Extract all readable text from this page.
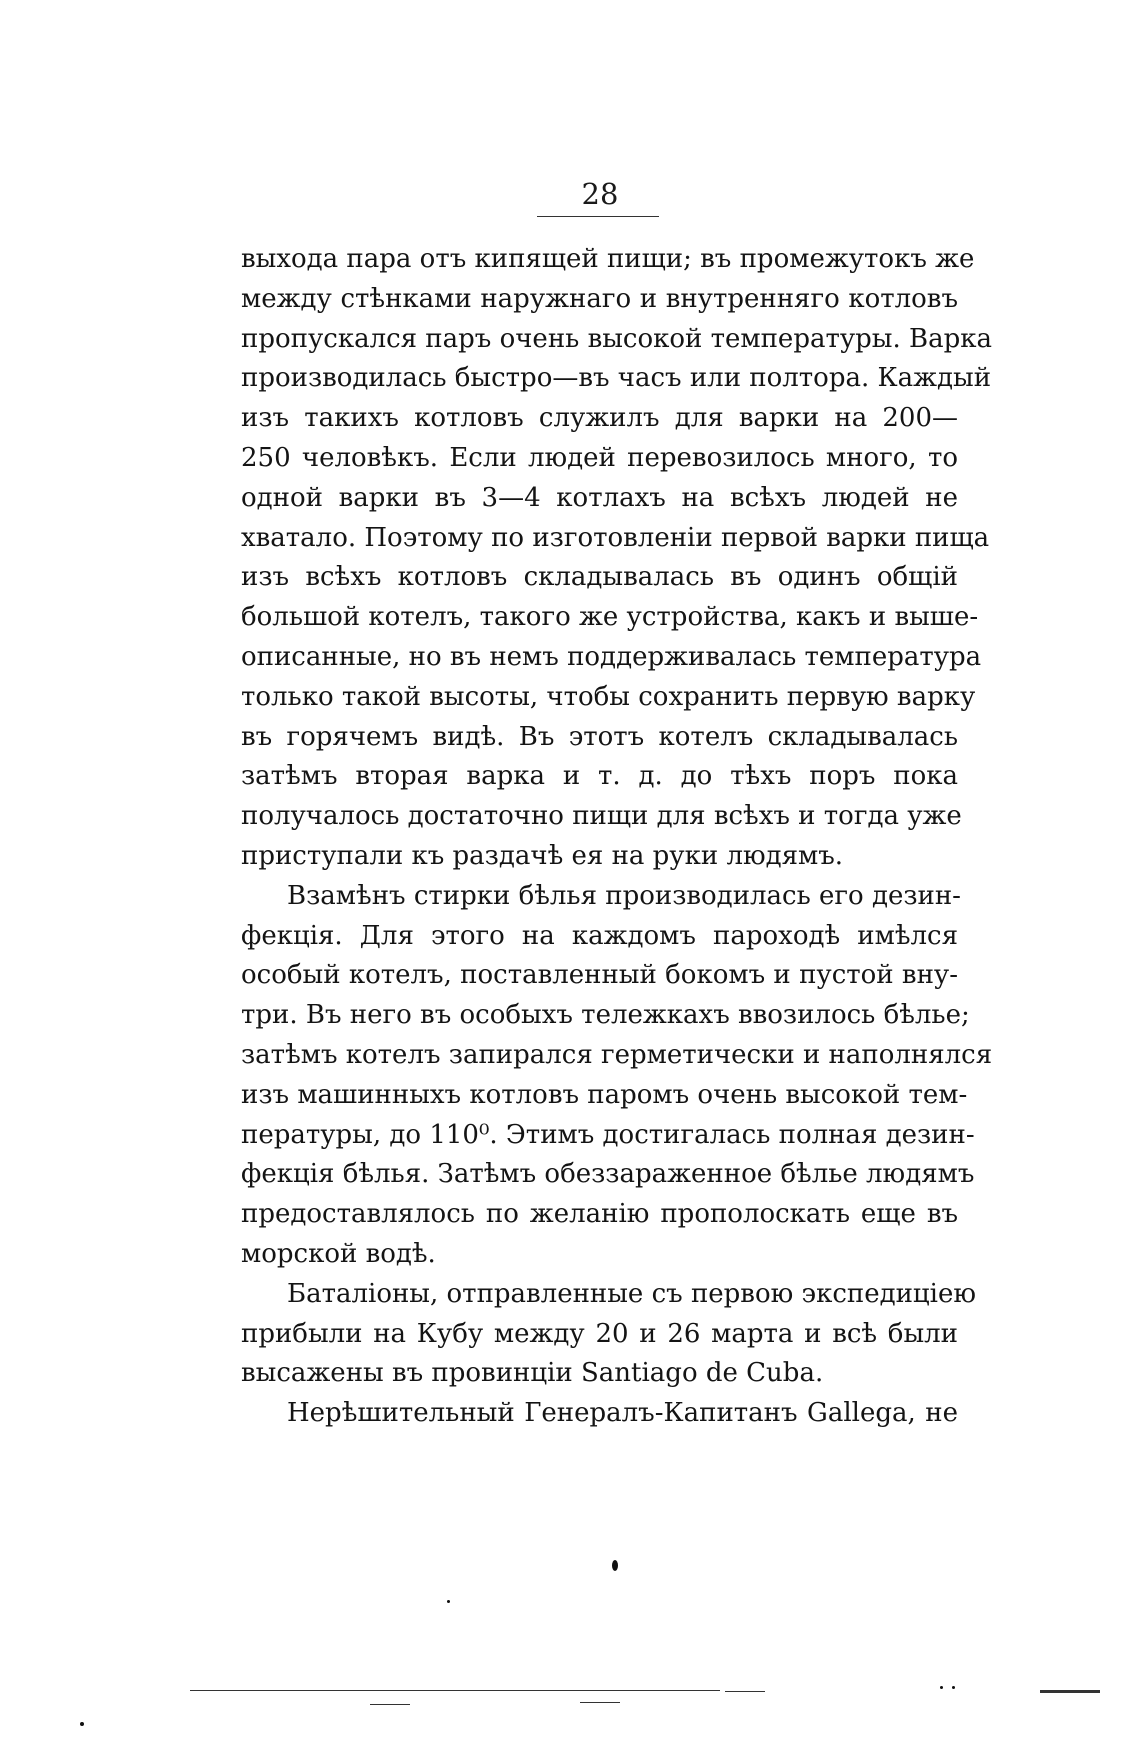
28
выхода пара отъ кипящей пищи; въ промежутокъ же
между стѣнками наружнаго и внутренняго котловъ
пропускался паръ очень высокой температуры. Варка
производилась быстро—въ часъ или полтора. Каждый
изъ такихъ котловъ служилъ для варки на 200—
250 человѣкъ. Если людей перевозилось много, то
одной варки въ 3—4 котлахъ на всѣхъ людей не
хватало. Поэтому по изготовленіи первой варки пища
изъ всѣхъ котловъ складывалась въ одинъ общій
большой котелъ, такого же устройства, какъ и выше-
описанные, но въ немъ поддерживалась температура
только такой высоты, чтобы сохранить первую варку
въ горячемъ видѣ. Въ этотъ котелъ складывалась
затѣмъ вторая варка и т. д. до тѣхъ поръ пока
получалось достаточно пищи для всѣхъ и тогда уже
приступали къ раздачѣ ея на руки людямъ.
Взамѣнъ стирки бѣлья производилась его дезин-
фекція. Для этого на каждомъ пароходѣ имѣлся
особый котелъ, поставленный бокомъ и пустой вну-
три. Въ него въ особыхъ тележкахъ ввозилось бѣлье;
затѣмъ котелъ запирался герметически и наполнялся
изъ машинныхъ котловъ паромъ очень высокой тем-
пературы, до 110⁰. Этимъ достигалась полная дезин-
фекція бѣлья. Затѣмъ обеззараженное бѣлье людямъ
предоставлялось по желанію прополоскать еще въ
морской водѣ.
Баталіоны, отправленные съ первою экспедиціею
прибыли на Кубу между 20 и 26 марта и всѣ были
высажены въ провинціи Santiago de Cuba.
Нерѣшительный Генералъ-Капитанъ Gallega, не
